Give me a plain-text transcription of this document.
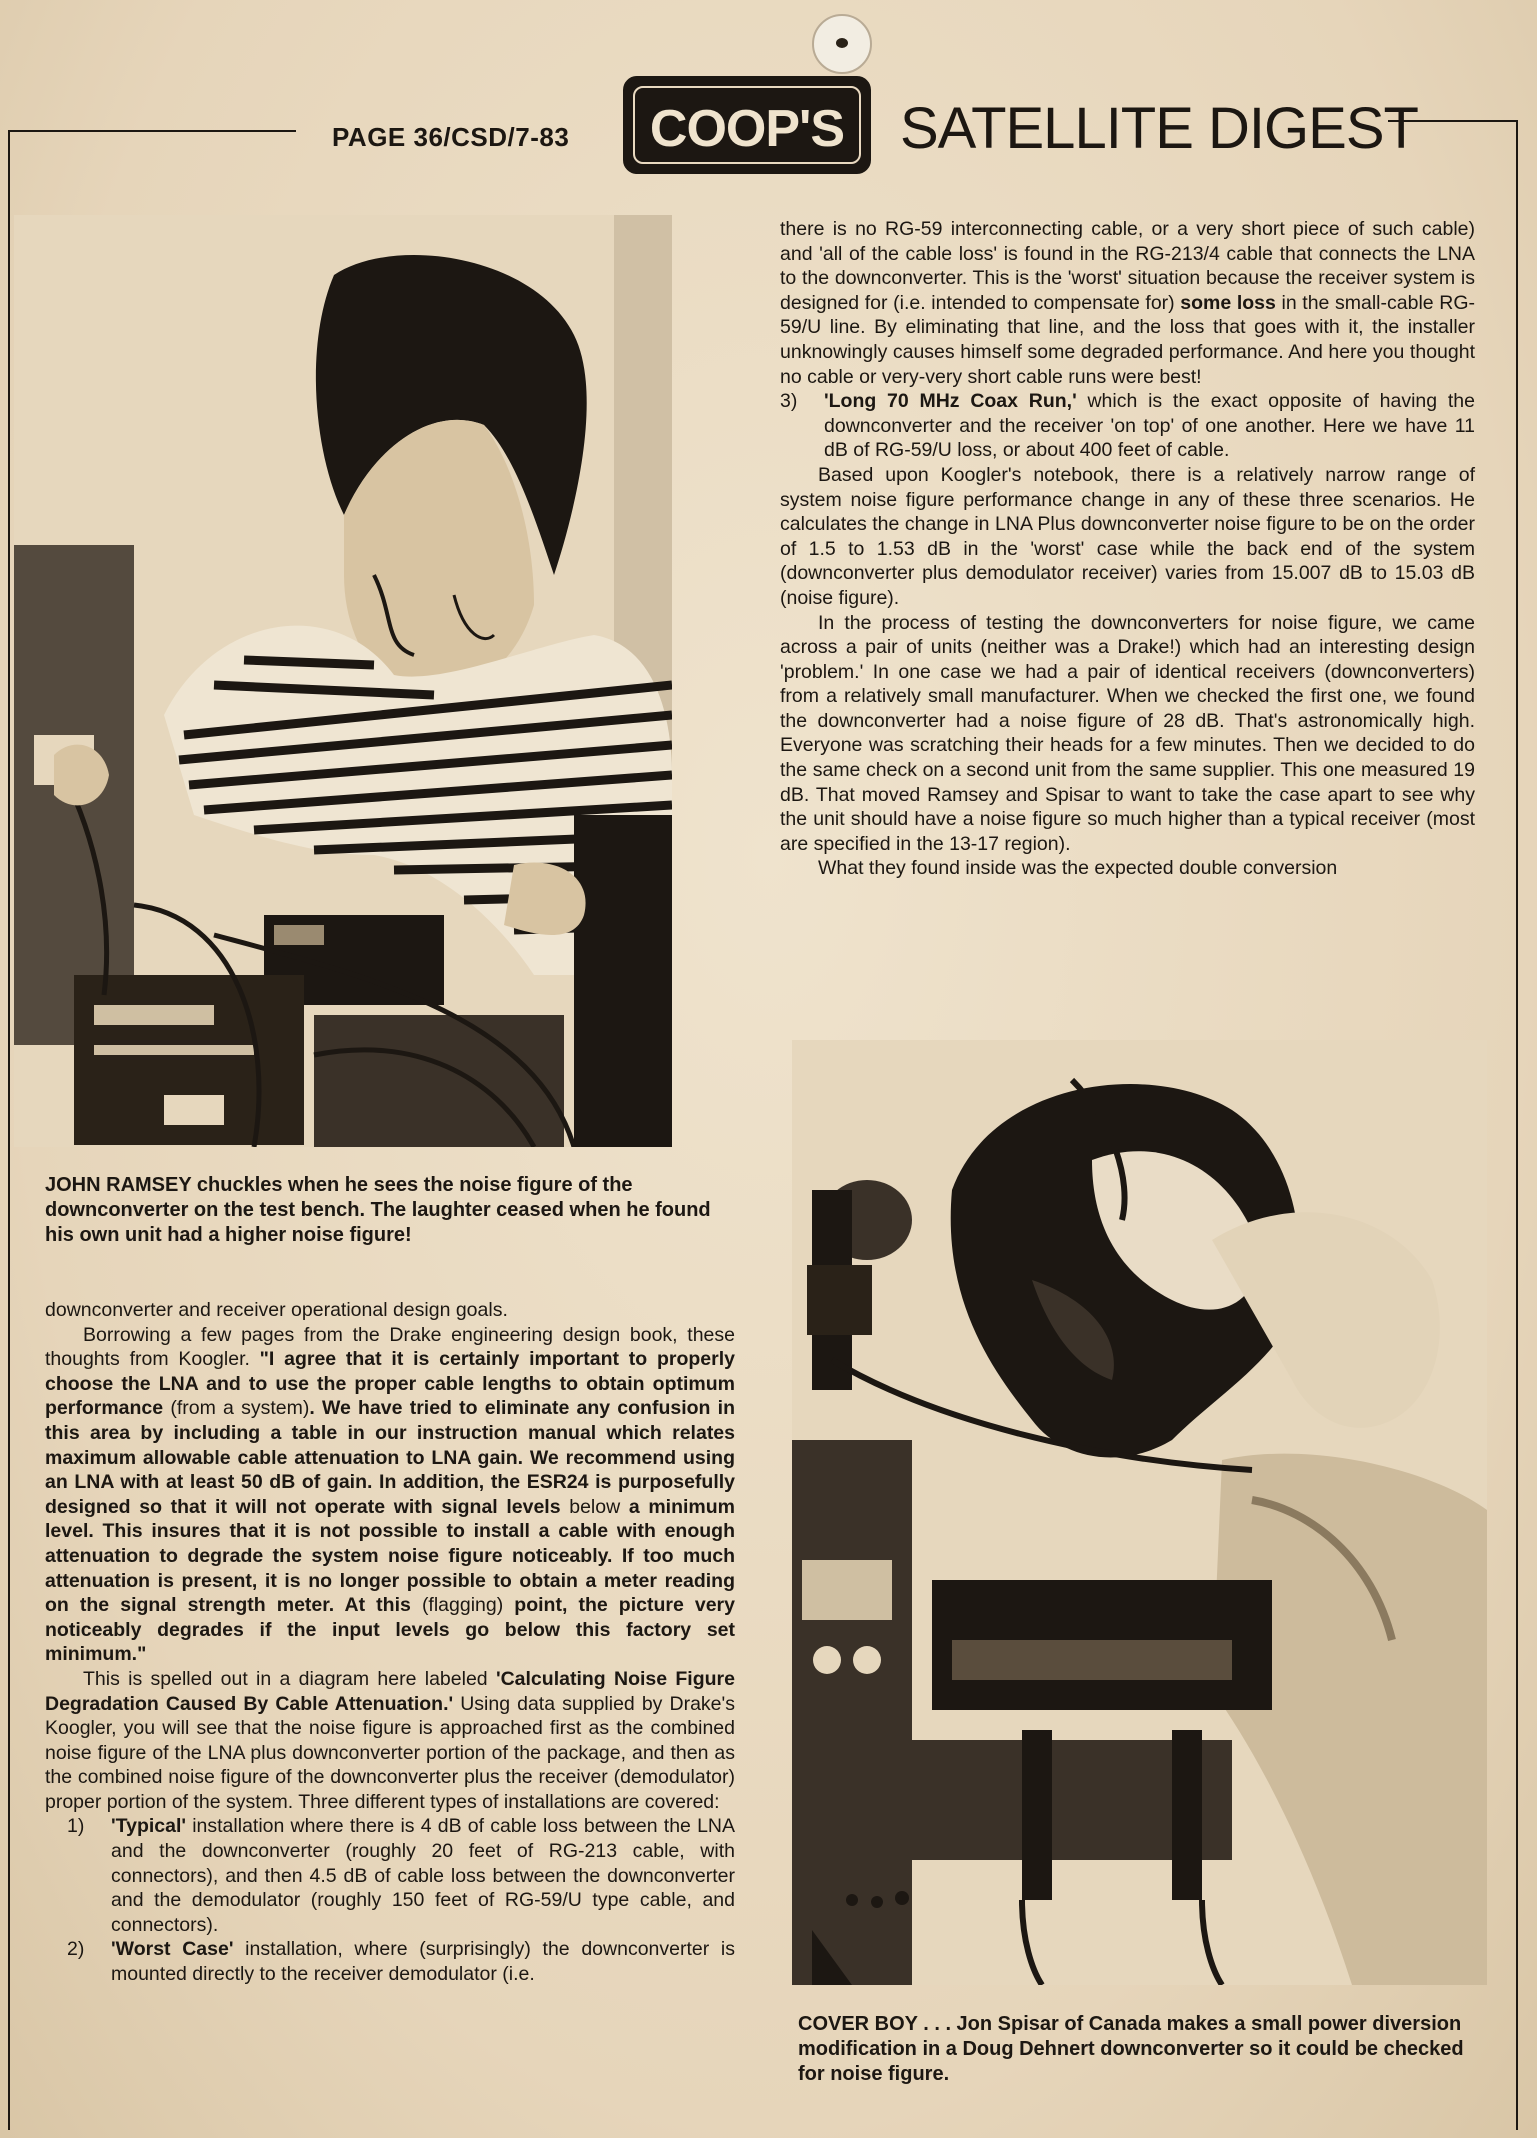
PAGE 36/CSD/7-83	COOP'S SATELLITE DIGEST
JOHN RAMSEY chuckles when he sees the noise figure of the downconverter on the test bench. The laughter ceased when he found his own unit had a higher noise figure!

there is no RG-59 interconnecting cable, or a very short piece of such cable) and 'all of the cable loss' is found in the RG-213/4 cable that connects the LNA to the downconverter. This is the 'worst' situation because the receiver system is designed for (i.e. intended to compensate for) some loss in the small-cable RG-59/U line. By eliminating that line, and the loss that goes with it, the installer unknowingly causes himself some degraded performance. And here you thought no cable or very-very short cable runs were best!

3)	'Long 70 MHz Coax Run,' which is the exact opposite of having the downconverter and the receiver 'on top' of one another. Here we have 11 dB of RG-59/U loss, or about 400 feet of cable.

Based upon Koogler's notebook, there is a relatively narrow range of system noise figure performance change in any of these three scenarios. He calculates the change in LNA Plus downconverter noise figure to be on the order of 1.5 to 1.53 dB in the 'worst' case while the back end of the system (downconverter plus demodulator receiver) varies from 15.007 dB to 15.03 dB (noise figure).

In the process of testing the downconverters for noise figure, we came across a pair of units (neither was a Drake!) which had an interesting design 'problem.' In one case we had a pair of identical receivers (downconverters) from a relatively small manufacturer. When we checked the first one, we found the downconverter had a noise figure of 28 dB. That's astronomically high. Everyone was scratching their heads for a few minutes. Then we decided to do the same check on a second unit from the same supplier. This one measured 19 dB. That moved Ramsey and Spisar to want to take the case apart to see why the unit should have a noise figure so much higher than a typical receiver (most are specified in the 13-17 region).

What they found inside was the expected double conversion

COVER BOY . . . Jon Spisar of Canada makes a small power diversion modification in a Doug Dehnert downconverter so it could be checked for noise figure.

downconverter and receiver operational design goals.

Borrowing a few pages from the Drake engineering design book, these thoughts from Koogler. "I agree that it is certainly important to properly choose the LNA and to use the proper cable lengths to obtain optimum performance (from a system). We have tried to eliminate any confusion in this area by including a table in our instruction manual which relates maximum allowable cable attenuation to LNA gain. We recommend using an LNA with at least 50 dB of gain. In addition, the ESR24 is purposefully designed so that it will not operate with signal levels below a minimum level. This insures that it is not possible to install a cable with enough attenuation to degrade the system noise figure noticeably. If too much attenuation is present, it is no longer possible to obtain a meter reading on the signal strength meter. At this (flagging) point, the picture very noticeably degrades if the input levels go below this factory set minimum."

This is spelled out in a diagram here labeled 'Calculating Noise Figure Degradation Caused By Cable Attenuation.' Using data supplied by Drake's Koogler, you will see that the noise figure is approached first as the combined noise figure of the LNA plus downconverter portion of the package, and then as the combined noise figure of the downconverter plus the receiver (demodulator) proper portion of the system. Three different types of installations are covered:

1)	'Typical' installation where there is 4 dB of cable loss between the LNA and the downconverter (roughly 20 feet of RG-213 cable, with connectors), and then 4.5 dB of cable loss between the downconverter and the demodulator (roughly 150 feet of RG-59/U type cable, and connectors).
2)	'Worst Case' installation, where (surprisingly) the downconverter is mounted directly to the receiver demodulator (i.e.
